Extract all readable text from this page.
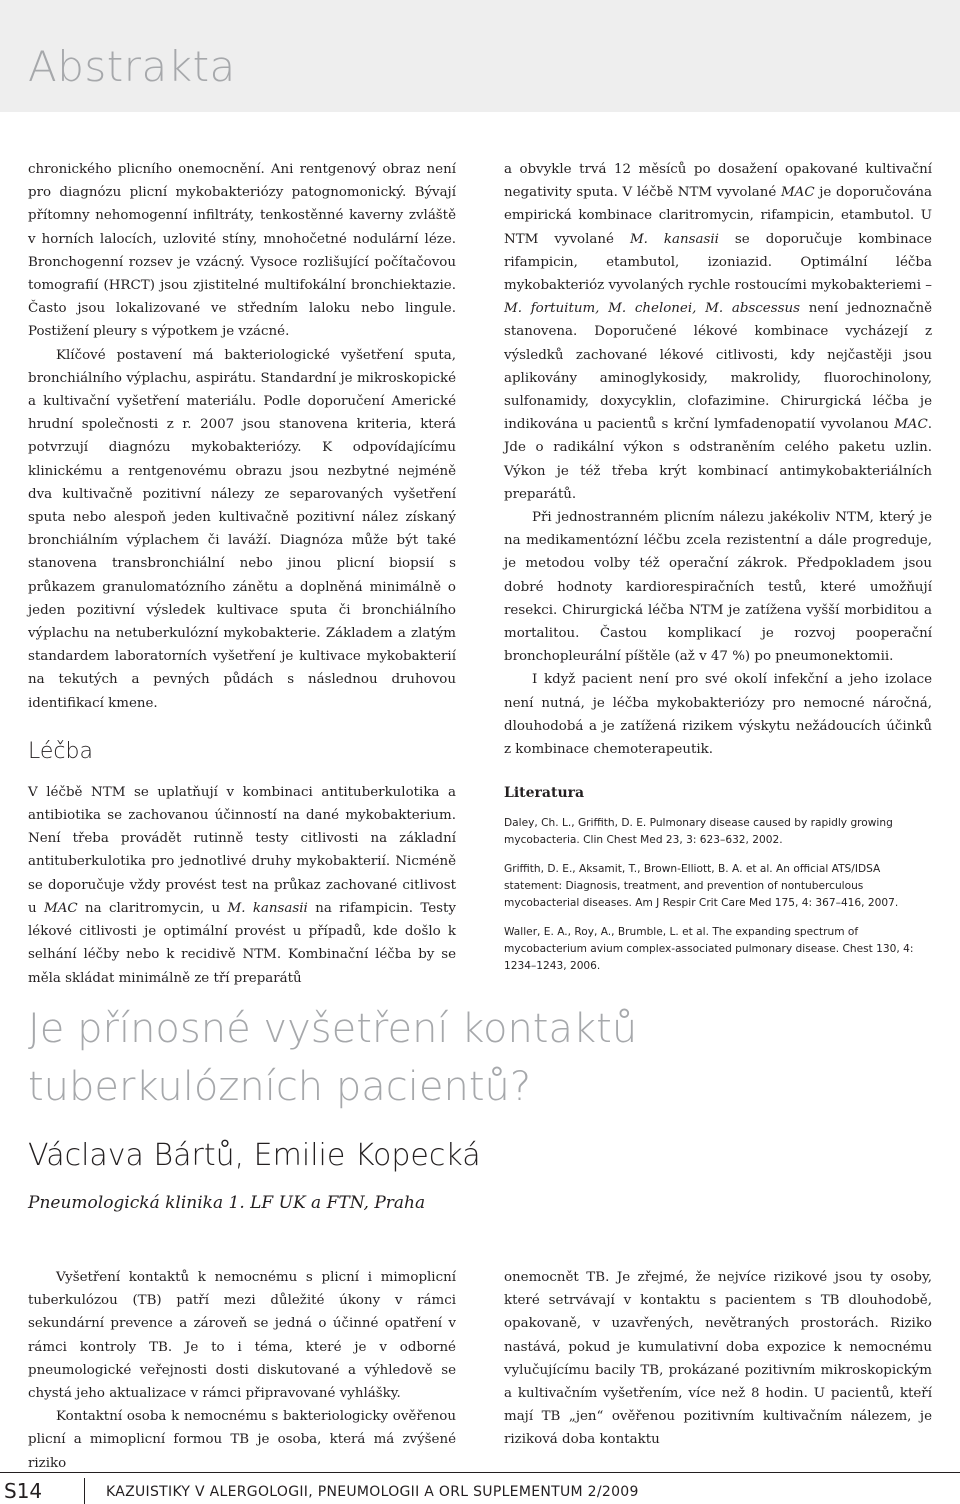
Abstrakta

chronického plicního onemocnění. Ani rentgenový obraz není pro diagnózu plicní mykobakteriózy patognomonický. Bývají přítomny nehomogenní infiltráty, tenkostěnné kaverny zvláště v horních lalocích, uzlovité stíny, mnohočetné nodulární léze. Bronchogenní rozsev je vzácný. Vysoce rozlišující počítačovou tomografií (HRCT) jsou zjistitelné multifokální bronchiektazie. Často jsou lokalizované ve středním laloku nebo lingule. Postižení pleury s výpotkem je vzácné.

Klíčové postavení má bakteriologické vyšetření sputa, bronchiálního výplachu, aspirátu. Standardní je mikroskopické a kultivační vyšetření materiálu. Podle doporučení Americké hrudní společnosti z r. 2007 jsou stanovena kriteria, která potvrzují diagnózu mykobakteriózy. K odpovídajícímu klinickému a rentgenovému obrazu jsou nezbytné nejméně dva kultivačně pozitivní nálezy ze separovaných vyšetření sputa nebo alespoň jeden kultivačně pozitivní nález získaný bronchiálním výplachem či laváží. Diagnóza může být také stanovena transbronchiální nebo jinou plicní biopsií s průkazem granulomatózního zánětu a doplněná minimálně o jeden pozitivní výsledek kultivace sputa či bronchiálního výplachu na netuberkulózní mykobakterie. Základem a zlatým standardem laboratorních vyšetření je kultivace mykobakterií na tekutých a pevných půdách s následnou druhovou identifikací kmene.

Léčba

V léčbě NTM se uplatňují v kombinaci antituberkulotika a antibiotika se zachovanou účinností na dané mykobakterium. Není třeba provádět rutinně testy citlivosti na základní antituberkulotika pro jednotlivé druhy mykobakterií. Nicméně se doporučuje vždy provést test na průkaz zachované citlivost u MAC na claritromycin, u M. kansasii na rifampicin. Testy lékové citlivosti je optimální provést u případů, kde došlo k selhání léčby nebo k recidivě NTM. Kombinační léčba by se měla skládat minimálně ze tří preparátů

a obvykle trvá 12 měsíců po dosažení opakované kultivační negativity sputa. V léčbě NTM vyvolané MAC je doporučována empirická kombinace claritromycin, rifampicin, etambutol. U NTM vyvolané M. kansasii se doporučuje kombinace rifampicin, etambutol, izoniazid. Optimální léčba mykobakterióz vyvolaných rychle rostoucími mykobakteriemi – M. fortuitum, M. chelonei, M. abscessus není jednoznačně stanovena. Doporučené lékové kombinace vycházejí z výsledků zachované lékové citlivosti, kdy nejčastěji jsou aplikovány aminoglykosidy, makrolidy, fluorochinolony, sulfonamidy, doxycyklin, clofazimine. Chirurgická léčba je indikována u pacientů s krční lymfadenopatií vyvolanou MAC. Jde o radikální výkon s odstraněním celého paketu uzlin. Výkon je též třeba krýt kombinací antimykobakteriálních preparátů.

Při jednostranném plicním nálezu jakékoliv NTM, který je na medikamentózní léčbu zcela rezistentní a dále progreduje, je metodou volby též operační zákrok. Předpokladem jsou dobré hodnoty kardiorespiračních testů, které umožňují resekci. Chirurgická léčba NTM je zatížena vyšší morbiditou a mortalitou. Častou komplikací je rozvoj pooperační bronchopleurální píštěle (až v 47 %) po pneumonektomii.

I když pacient není pro své okolí infekční a jeho izolace není nutná, je léčba mykobakteriózy pro nemocné náročná, dlouhodobá a je zatížená rizikem výskytu nežádoucích účinků z kombinace chemoterapeutik.

Literatura
Daley, Ch. L., Griffith, D. E. Pulmonary disease caused by rapidly growing mycobacteria. Clin Chest Med 23, 3: 623–632, 2002.
Griffith, D. E., Aksamit, T., Brown-Elliott, B. A. et al. An official ATS/IDSA statement: Diagnosis, treatment, and prevention of nontuberculous mycobacterial diseases. Am J Respir Crit Care Med 175, 4: 367–416, 2007.
Waller, E. A., Roy, A., Brumble, L. et al. The expanding spectrum of mycobacterium avium complex-associated pulmonary disease. Chest 130, 4: 1234–1243, 2006.
Je přínosné vyšetření kontaktů
tuberkulózních pacientů?
Václava Bártů, Emilie Kopecká
Pneumologická klinika 1. LF UK a FTN, Praha

Vyšetření kontaktů k nemocnému s plicní i mimoplicní tuberkulózou (TB) patří mezi důležité úkony v rámci sekundární prevence a zároveň se jedná o účinné opatření v rámci kontroly TB. Je to i téma, které je v odborné pneumologické veřejnosti dosti diskutované a výhledově se chystá jeho aktualizace v rámci připravované vyhlášky.

Kontaktní osoba k nemocnému s bakteriologicky ověřenou plicní a mimoplicní formou TB je osoba, která má zvýšené riziko

onemocnět TB. Je zřejmé, že nejvíce rizikové jsou ty osoby, které setrvávají v kontaktu s pacientem s TB dlouhodobě, opakovaně, v uzavřených, nevětraných prostorách. Riziko nastává, pokud je kumulativní doba expozice k nemocnému vylučujícímu bacily TB, prokázané pozitivním mikroskopickým a kultivačním vyšetřením, více než 8 hodin. U pacientů, kteří mají TB „jen“ ověřenou pozitivním kultivačním nálezem, je riziková doba kontaktu

S14	KAZUISTIKY V ALERGOLOGII, PNEUMOLOGII A ORL SUPLEMENTUM 2/2009
